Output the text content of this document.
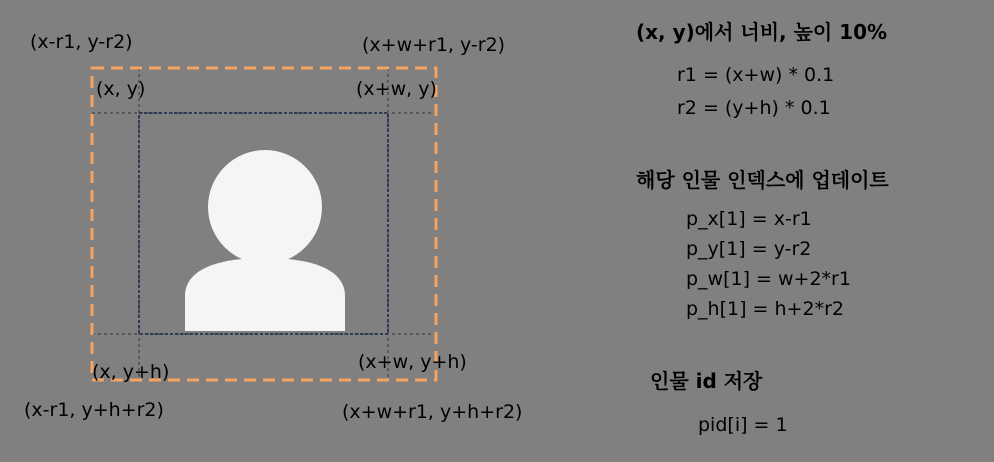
(x-r1, y-r2)	(x+w+r1, y-r2)
(x, y)	(x+w, y)
(x, y+h)	(x+w, y+h)
(x-r1, y+h+r2)	(x+w+r1, y+h+r2)
(x, y)에서 너비, 높이 10%
r1 = (x+w) * 0.1
r2 = (y+h) * 0.1
해당 인물 인덱스에 업데이트
p_x[1] = x-r1
p_y[1] = y-r2
p_w[1] = w+2*r1
p_h[1] = h+2*r2
인물 id 저장
pid[i] = 1
